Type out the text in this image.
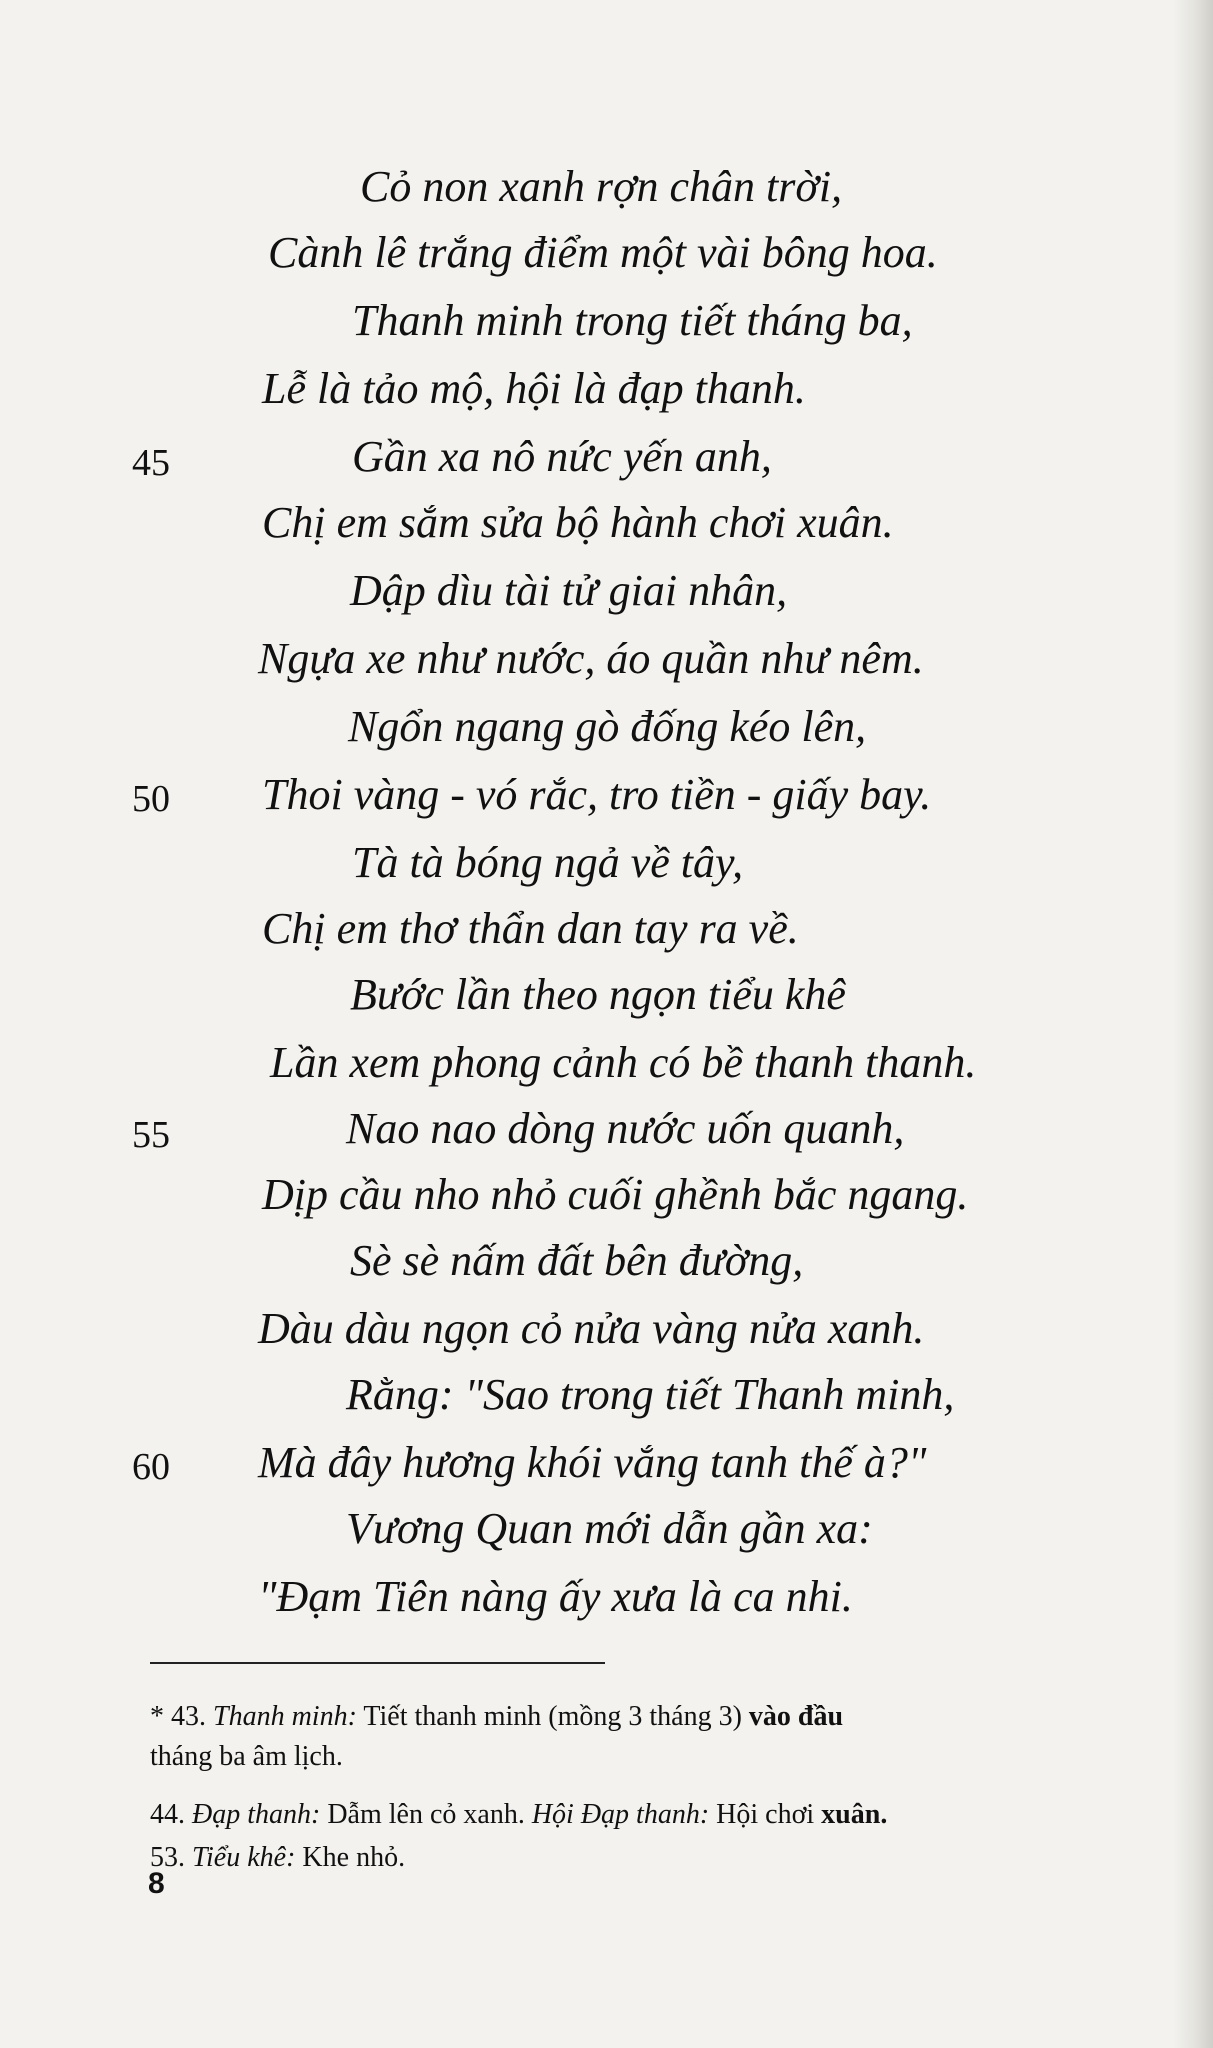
Cỏ non xanh rợn chân trời,
Cành lê trắng điểm một vài bông hoa.
Thanh minh trong tiết tháng ba,
Lễ là tảo mộ, hội là đạp thanh.
45	Gần xa nô nức yến anh,
Chị em sắm sửa bộ hành chơi xuân.
Dập dìu tài tử giai nhân,
Ngựa xe như nước, áo quần như nêm.
Ngổn ngang gò đống kéo lên,
50 Thoi vàng - vó rắc, tro tiền - giấy bay.
Tà tà bóng ngả về tây,
Chị em thơ thẩn dan tay ra về.
Bước lần theo ngọn tiểu khê
Lần xem phong cảnh có bề thanh thanh.
55	Nao nao dòng nước uốn quanh,
Dịp cầu nho nhỏ cuối ghềnh bắc ngang.
Sè sè nấm đất bên đường,
Dàu dàu ngọn cỏ nửa vàng nửa xanh.
Rằng: "Sao trong tiết Thanh minh,
60 Mà đây hương khói vắng tanh thế à?"
Vương Quan mới dẫn gần xa:
"Đạm Tiên nàng ấy xưa là ca nhi.
* 43. Thanh minh: Tiết thanh minh (mồng 3 tháng 3) vào đầu
tháng ba âm lịch.
44. Đạp thanh: Dẫm lên cỏ xanh. Hội Đạp thanh: Hội chơi xuân.
53. Tiểu khê: Khe nhỏ.
8
